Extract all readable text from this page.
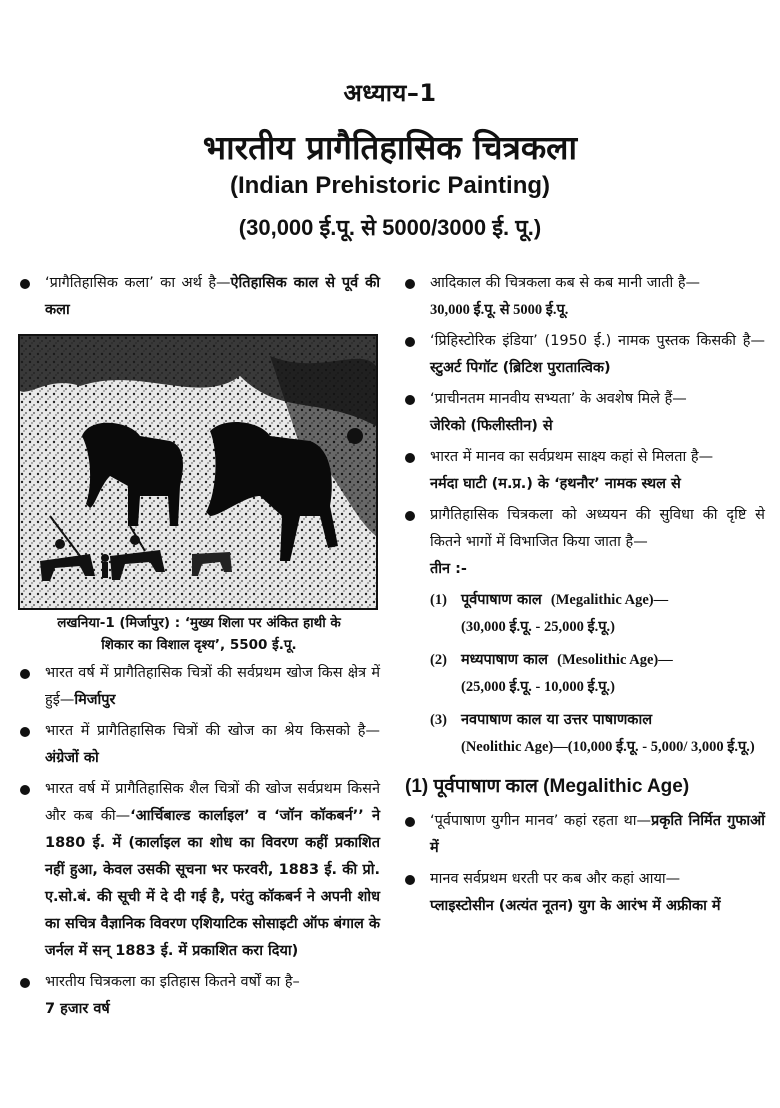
अध्याय–1
भारतीय प्रागैतिहासिक चित्रकला
(Indian Prehistoric Painting)
(30,000 ई.पू. से 5000/3000 ई. पू.)
‘प्रागैतिहासिक कला’ का अर्थ है—ऐतिहासिक काल से पूर्व की कला
लखनिया-1 (मिर्जापुर) : ‘मुख्य शिला पर अंकित हाथी के
शिकार का विशाल दृश्य’, 5500 ई.पू.
भारत वर्ष में प्रागैतिहासिक चित्रों की सर्वप्रथम खोज किस क्षेत्र में हुई—मिर्जापुर
भारत में प्रागैतिहासिक चित्रों की खोज का श्रेय किसको है—अंग्रेजों को
भारत वर्ष में प्रागैतिहासिक शैल चित्रों की खोज सर्वप्रथम किसने और कब की—‘आर्चिबाल्ड कार्लाइल’ व ‘जॉन कॉकबर्न’’ ने 1880 ई. में (कार्लाइल का शोध का विवरण कहीं प्रकाशित नहीं हुआ, केवल उसकी सूचना भर फरवरी, 1883 ई. की प्रो. ए.सो.बं. की सूची में दे दी गई है, परंतु कॉकबर्न ने अपनी शोध का सचित्र वैज्ञानिक विवरण एशियाटिक सोसाइटी ऑफ बंगाल के जर्नल में सन् 1883 ई. में प्रकाशित करा दिया)
भारतीय चित्रकला का इतिहास कितने वर्षों का है–
7 हजार वर्ष
आदिकाल की चित्रकला कब से कब मानी जाती है—
30,000 ई.पू. से 5000 ई.पू.
‘प्रिहिस्टोरिक इंडिया’ (1950 ई.) नामक पुस्तक किसकी है—स्टुअर्ट पिगॉट (ब्रिटिश पुरातात्विक)
‘प्राचीनतम मानवीय सभ्यता’ के अवशेष मिले हैं—
जेरिको (फिलीस्तीन) से
भारत में मानव का सर्वप्रथम साक्ष्य कहां से मिलता है—
नर्मदा घाटी (म.प्र.) के ‘हथनौर’ नामक स्थल से
प्रागैतिहासिक चित्रकला को अध्ययन की सुविधा की दृष्टि से कितने भागों में विभाजित किया जाता है—
तीन :-
(1) पूर्वपाषाण काल (Megalithic Age)—
(30,000 ई.पू. - 25,000 ई.पू.)
(2) मध्यपाषाण काल (Mesolithic Age)—
(25,000 ई.पू. - 10,000 ई.पू.)
(3) नवपाषाण काल या उत्तर पाषाणकाल
(Neolithic Age)—(10,000 ई.पू. - 5,000/ 3,000 ई.पू.)
(1) पूर्वपाषाण काल (Megalithic Age)
‘पूर्वपाषाण युगीन मानव’ कहां रहता था—प्रकृति निर्मित गुफाओं में
मानव सर्वप्रथम धरती पर कब और कहां आया—
प्लाइस्टोसीन (अत्यंत नूतन) युग के आरंभ में अफ्रीका में
